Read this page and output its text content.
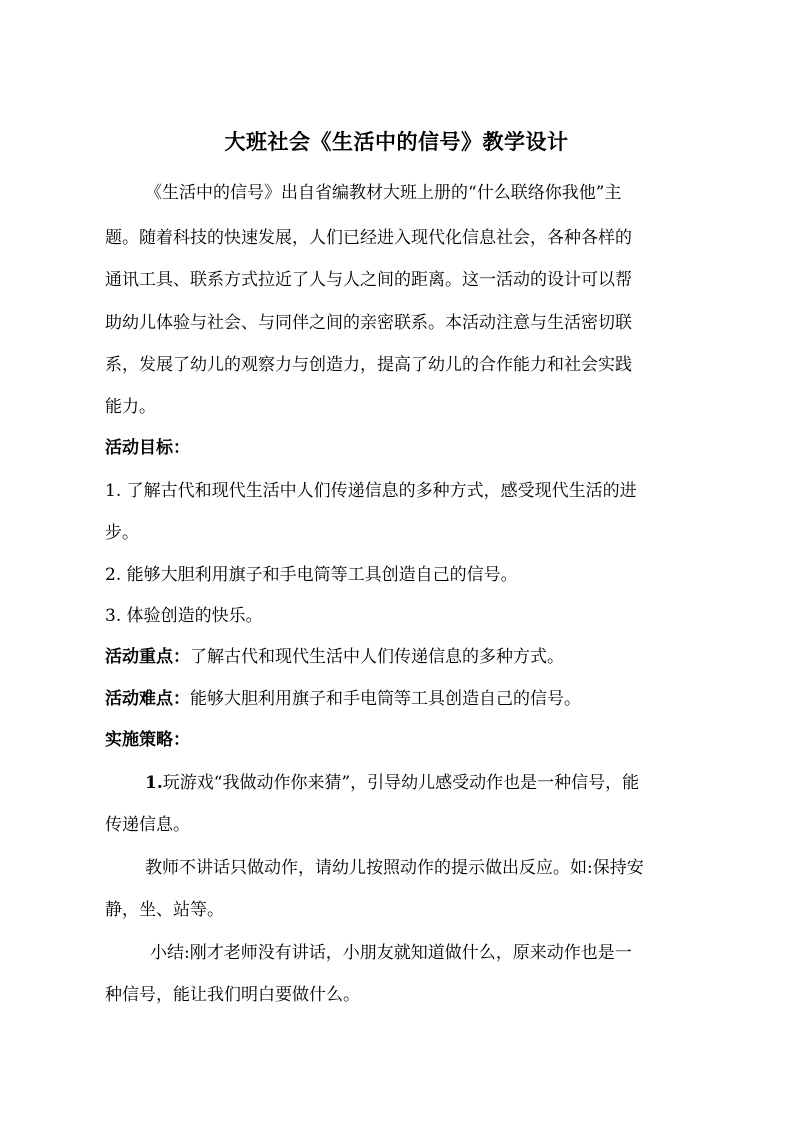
大班社会《生活中的信号》教学设计

《生活中的信号》出自省编教材大班上册的“什么联络你我他”主

题。随着科技的快速发展，人们已经进入现代化信息社会，各种各样的

通讯工具、联系方式拉近了人与人之间的距离。这一活动的设计可以帮

助幼儿体验与社会、与同伴之间的亲密联系。本活动注意与生活密切联

系，发展了幼儿的观察力与创造力，提高了幼儿的合作能力和社会实践

能力。

活动目标：

1. 了解古代和现代生活中人们传递信息的多种方式，感受现代生活的进

步。

2. 能够大胆利用旗子和手电筒等工具创造自己的信号。

3. 体验创造的快乐。

活动重点：了解古代和现代生活中人们传递信息的多种方式。

活动难点：能够大胆利用旗子和手电筒等工具创造自己的信号。

实施策略：

1.玩游戏“我做动作你来猜”，引导幼儿感受动作也是一种信号，能

传递信息。

教师不讲话只做动作，请幼儿按照动作的提示做出反应。如:保持安

静，坐、站等。

小结:刚才老师没有讲话，小朋友就知道做什么，原来动作也是一

种信号，能让我们明白要做什么。
